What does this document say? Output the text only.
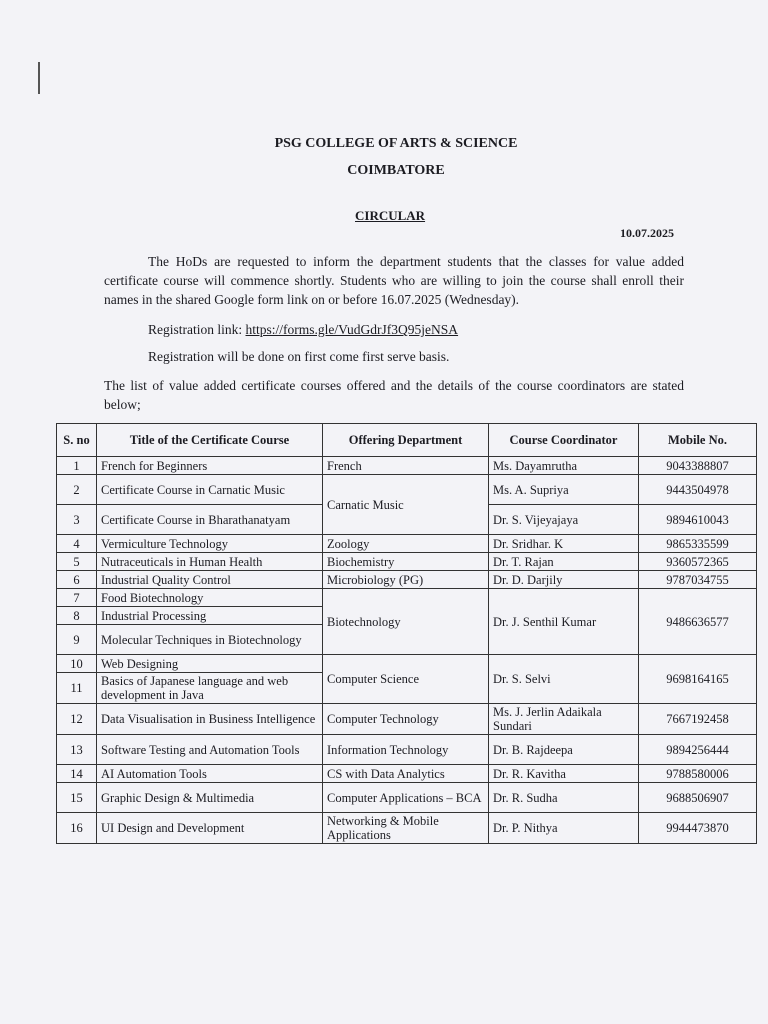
PSG COLLEGE OF ARTS & SCIENCE
COIMBATORE
CIRCULAR
10.07.2025
The HoDs are requested to inform the department students that the classes for value added certificate course will commence shortly. Students who are willing to join the course shall enroll their names in the shared Google form link on or before 16.07.2025 (Wednesday).
Registration link: https://forms.gle/VudGdrJf3Q95jeNSA
Registration will be done on first come first serve basis.
The list of value added certificate courses offered and the details of the course coordinators are stated below;
S. no	Title of the Certificate Course	Offering Department	Course Coordinator	Mobile No.
1	French for Beginners	French	Ms. Dayamrutha	9043388807
2	Certificate Course in Carnatic Music	Carnatic Music	Ms. A. Supriya	9443504978
3	Certificate Course in Bharathanatyam		Dr. S. Vijeyajaya	9894610043
4	Vermiculture Technology	Zoology	Dr. Sridhar. K	9865335599
5	Nutraceuticals in Human Health	Biochemistry	Dr. T. Rajan	9360572365
6	Industrial Quality Control	Microbiology (PG)	Dr. D. Darjily	9787034755
7	Food Biotechnology	Biotechnology	Dr. J. Senthil Kumar	9486636577
8	Industrial Processing			
9	Molecular Techniques in Biotechnology			
10	Web Designing	Computer Science	Dr. S. Selvi	9698164165
11	Basics of Japanese language and web development in Java			
12	Data Visualisation in Business Intelligence	Computer Technology	Ms. J. Jerlin Adaikala Sundari	7667192458
13	Software Testing and Automation Tools	Information Technology	Dr. B. Rajdeepa	9894256444
14	AI Automation Tools	CS with Data Analytics	Dr. R. Kavitha	9788580006
15	Graphic Design & Multimedia	Computer Applications – BCA	Dr. R. Sudha	9688506907
16	UI Design and Development	Networking & Mobile Applications	Dr. P. Nithya	9944473870
